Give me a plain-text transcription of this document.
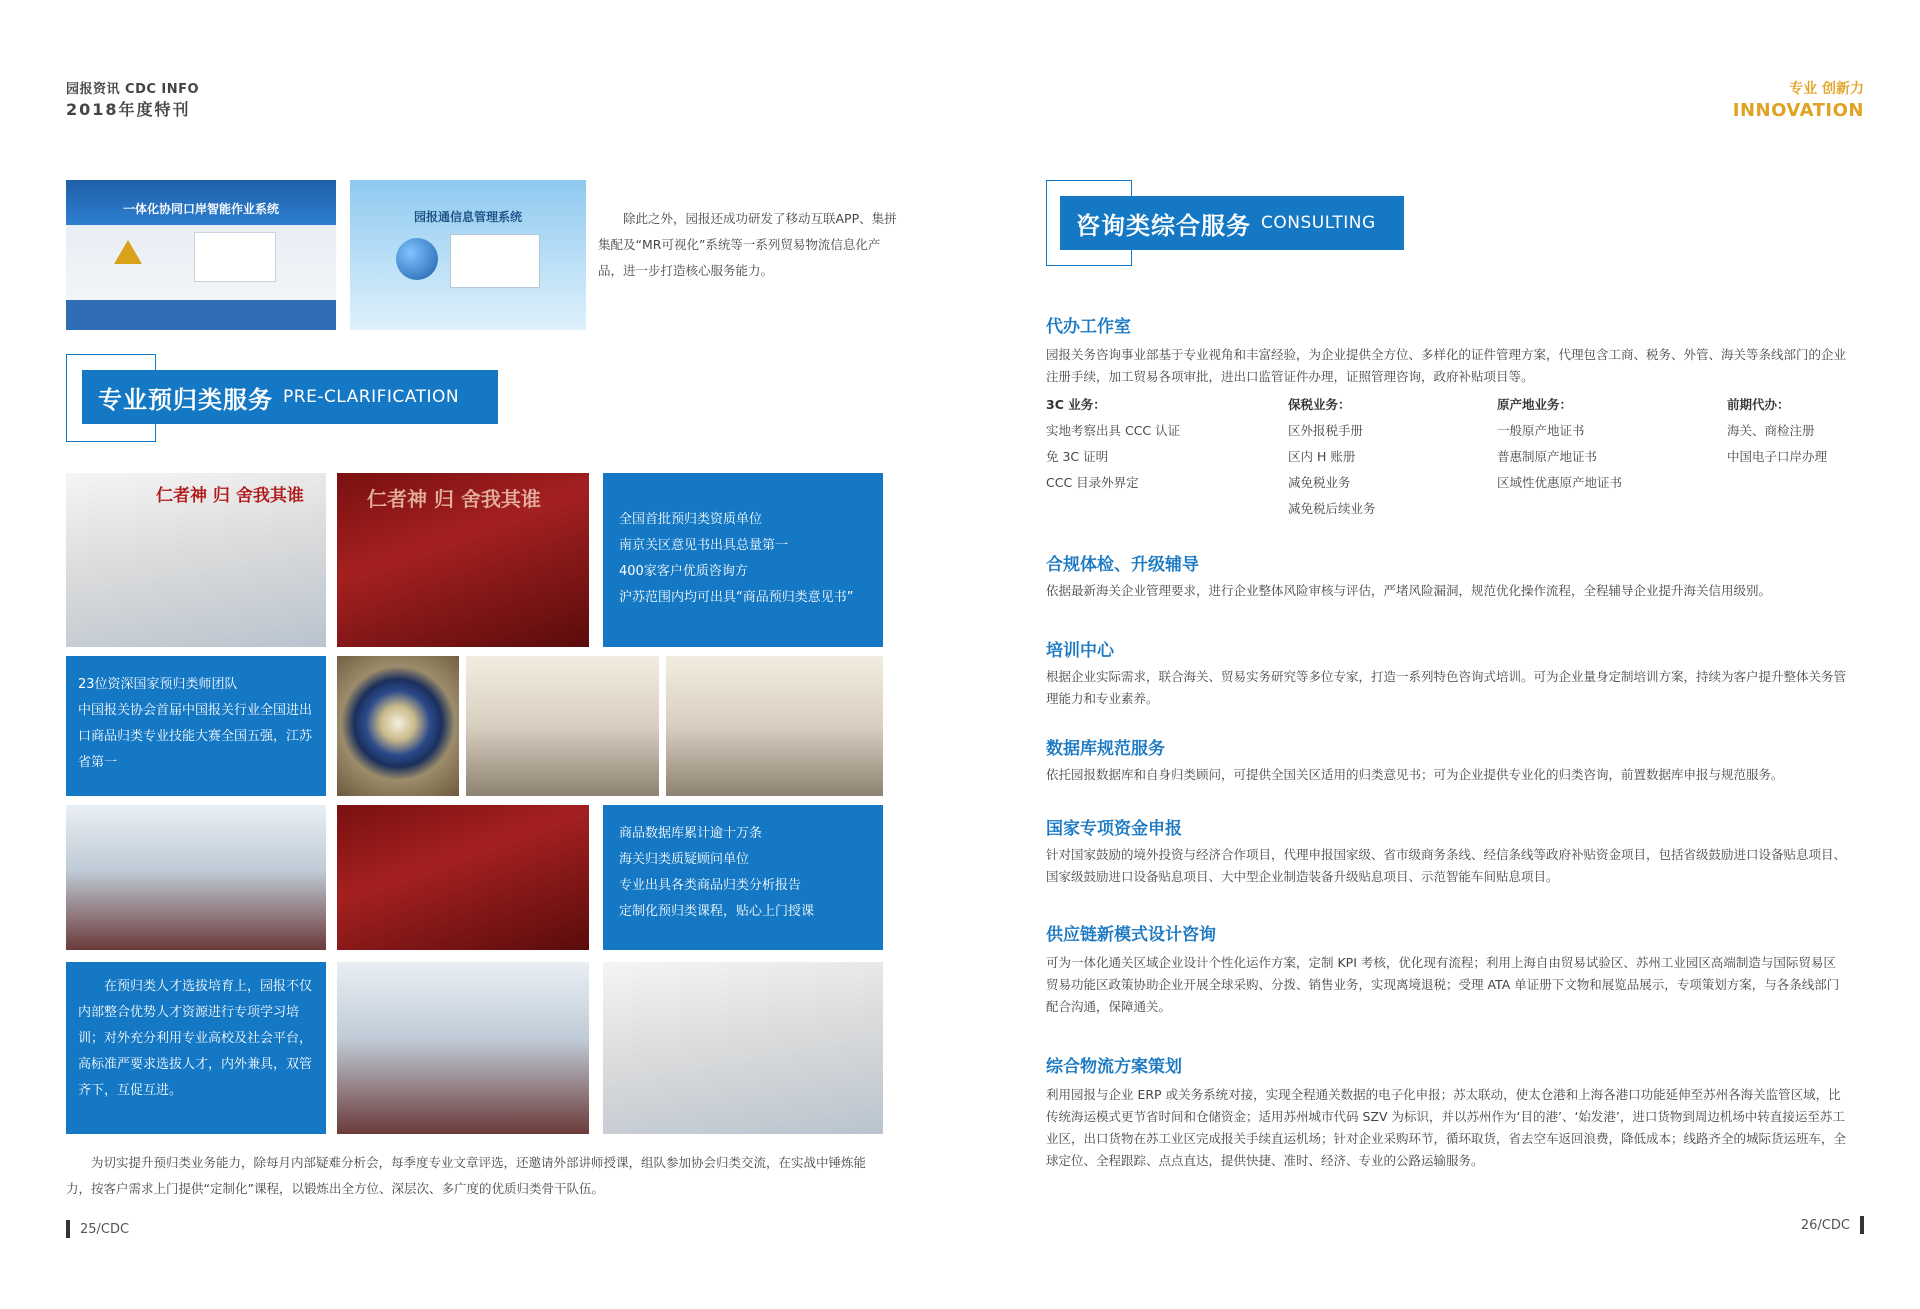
园报资讯 CDC INFO
2018年度特刊
专业 创新力
INNOVATION
一体化协同口岸智能作业系统
园报通信息管理系统	除此之外，园报还成功研发了移动互联APP、集拼集配及“MR可视化”系统等一系列贸易物流信息化产品，进一步打造核心服务能力。

专业预归类服务 PRE-CLARIFICATION
仁者神 归 舍我其谁	仁者神 归 舍我其谁

全国首批预归类资质单位

南京关区意见书出具总量第一

400家客户优质咨询方

沪苏范围内均可出具“商品预归类意见书”

23位资深国家预归类师团队

中国报关协会首届中国报关行业全国进出口商品归类专业技能大赛全国五强，江苏省第一

商品数据库累计逾十万条

海关归类质疑顾问单位

专业出具各类商品归类分析报告

定制化预归类课程，贴心上门授课

在预归类人才选拔培育上，园报不仅内部整合优势人才资源进行专项学习培训；对外充分利用专业高校及社会平台，高标准严要求选拔人才，内外兼具，双管齐下，互促互进。

为切实提升预归类业务能力，除每月内部疑难分析会，每季度专业文章评选，还邀请外部讲师授课，组队参加协会归类交流，在实战中锤炼能力，按客户需求上门提供“定制化”课程，以锻炼出全方位、深层次、多广度的优质归类骨干队伍。
25/CDC
咨询类综合服务 CONSULTING
代办工作室
园报关务咨询事业部基于专业视角和丰富经验，为企业提供全方位、多样化的证件管理方案，代理包含工商、税务、外管、海关等条线部门的企业注册手续，加工贸易各项审批，进出口监管证件办理，证照管理咨询，政府补贴项目等。
3C 业务：
实地考察出具 CCC 认证
免 3C 证明
CCC 目录外界定
保税业务：
区外报税手册
区内 H 账册
减免税业务
减免税后续业务
原产地业务：
一般原产地证书
普惠制原产地证书
区域性优惠原产地证书
前期代办：
海关、商检注册
中国电子口岸办理
合规体检、升级辅导
依据最新海关企业管理要求，进行企业整体风险审核与评估，严堵风险漏洞，规范优化操作流程，全程辅导企业提升海关信用级别。
培训中心
根据企业实际需求，联合海关、贸易实务研究等多位专家，打造一系列特色咨询式培训。可为企业量身定制培训方案，持续为客户提升整体关务管理能力和专业素养。
数据库规范服务
依托园报数据库和自身归类顾问，可提供全国关区适用的归类意见书；可为企业提供专业化的归类咨询，前置数据库申报与规范服务。
国家专项资金申报
针对国家鼓励的境外投资与经济合作项目，代理申报国家级、省市级商务条线、经信条线等政府补贴资金项目，包括省级鼓励进口设备贴息项目、国家级鼓励进口设备贴息项目、大中型企业制造装备升级贴息项目、示范智能车间贴息项目。
供应链新模式设计咨询
可为一体化通关区域企业设计个性化运作方案，定制 KPI 考核，优化现有流程；利用上海自由贸易试验区、苏州工业园区高端制造与国际贸易区贸易功能区政策协助企业开展全球采购、分拨、销售业务，实现离境退税；受理 ATA 单证册下文物和展览品展示，专项策划方案，与各条线部门配合沟通，保障通关。
综合物流方案策划
利用园报与企业 ERP 或关务系统对接，实现全程通关数据的电子化申报；苏太联动，使太仓港和上海各港口功能延伸至苏州各海关监管区域，比传统海运模式更节省时间和仓储资金；适用苏州城市代码 SZV 为标识，并以苏州作为‘目的港’、‘始发港’，进口货物到周边机场中转直接运至苏工业区，出口货物在苏工业区完成报关手续直运机场；针对企业采购环节，循环取货，省去空车返回浪费，降低成本；线路齐全的城际货运班车，全球定位、全程跟踪、点点直达，提供快捷、准时、经济、专业的公路运输服务。
26/CDC
